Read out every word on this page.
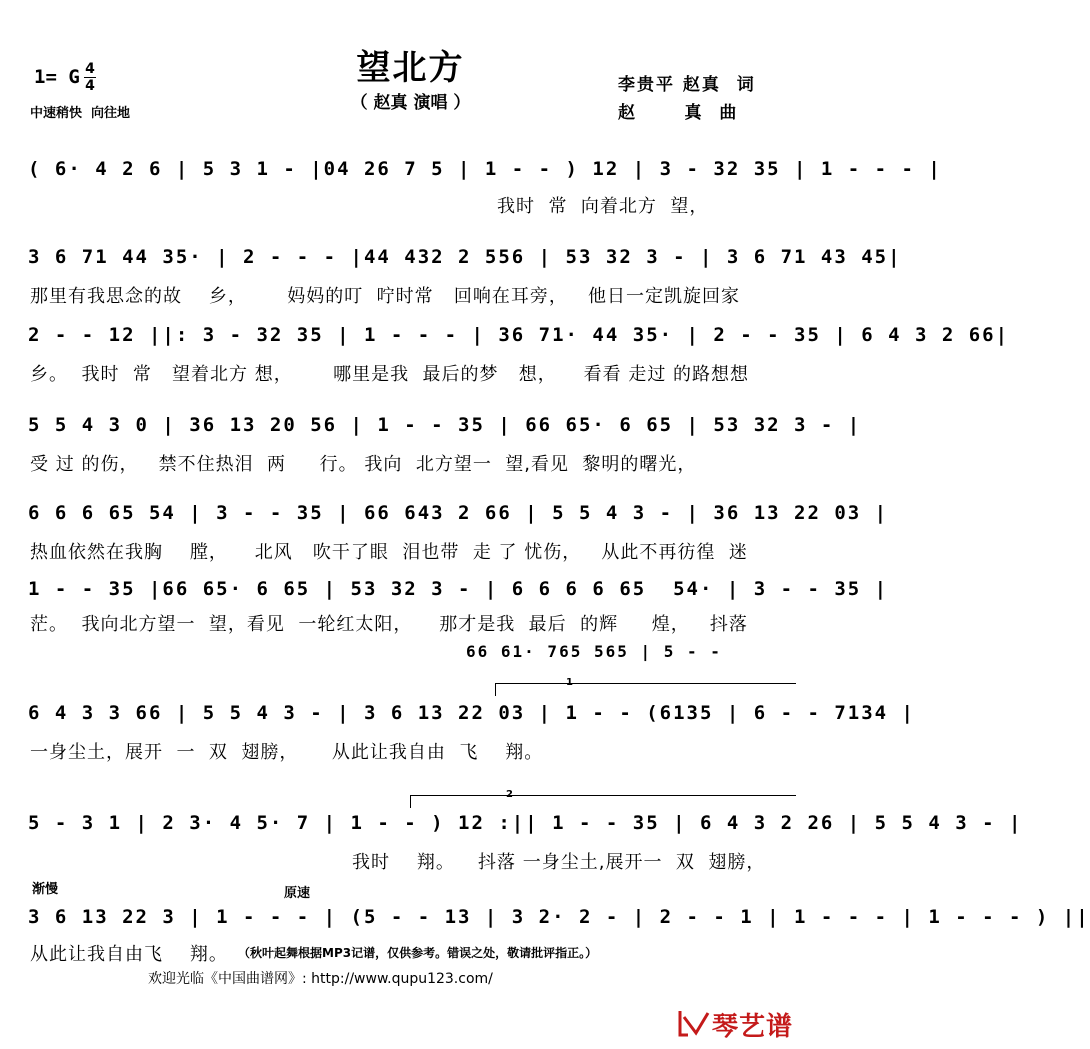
望北方
（ 赵真 演唱 ）
1= G 4
4
中速稍快  向往地
李贵平 赵真  词
赵      真  曲
( 6· 4 2 6 | 5 3 1 - |04 26 7 5 | 1 - - ) 12 | 3 - 32 35 | 1 - - - |
我时  常  向着北方  望，
3 6 71 44 35· | 2 - - - |44 432 2 556 | 53 32 3 - | 3 6 71 43 45|
那里有我思念的故    乡，      妈妈的叮  咛时常   回响在耳旁，   他日一定凯旋回家
2 - - 12 ||: 3 - 32 35 | 1 - - - | 36 71· 44 35· | 2 - - 35 | 6 4 3 2 66|
乡。  我时  常   望着北方 想，      哪里是我  最后的梦   想，    看看 走过 的路想想
5 5 4 3 0 | 36 13 20 56 | 1 - - 35 | 66 65· 6 65 | 53 32 3 - |
受 过 的伤，   禁不住热泪  两     行。 我向  北方望一  望,看见  黎明的曙光，
6 6 6 65 54 | 3 - - 35 | 66 643 2 66 | 5 5 4 3 - | 36 13 22 03 |
热血依然在我胸    膛，    北风   吹干了眼  泪也带  走 了 忧伤，   从此不再彷徨  迷
1 - - 35 |66 65· 6 65 | 53 32 3 - | 6 6 6 6 65  54· | 3 - - 35 |
茫。  我向北方望一  望，看见  一轮红太阳，    那才是我  最后  的辉     煌，   抖落
66 61· 765 565 | 5 - -
1
6 4 3 3 66 | 5 5 4 3 - | 3 6 13 22 03 | 1 - - (6135 | 6 - - 7134 |
一身尘土，展开  一  双  翅膀，     从此让我自由  飞    翔。
2
5 - 3 1 | 2 3· 4 5· 7 | 1 - - ) 12 :|| 1 - - 35 | 6 4 3 2 26 | 5 5 4 3 - |
我时    翔。 抖落 一身尘土,展开一  双  翅膀，
渐慢	原速
3 6 13 22 3 | 1 - - - | (5 - - 13 | 3 2· 2 - | 2 - - 1 | 1 - - - | 1 - - - ) ||
从此让我自由飞    翔。 （秋叶起舞根据MP3记谱，仅供参考。错误之处，敬请批评指正。）
欢迎光临《中国曲谱网》: http://www.qupu123.com/
琴艺谱
